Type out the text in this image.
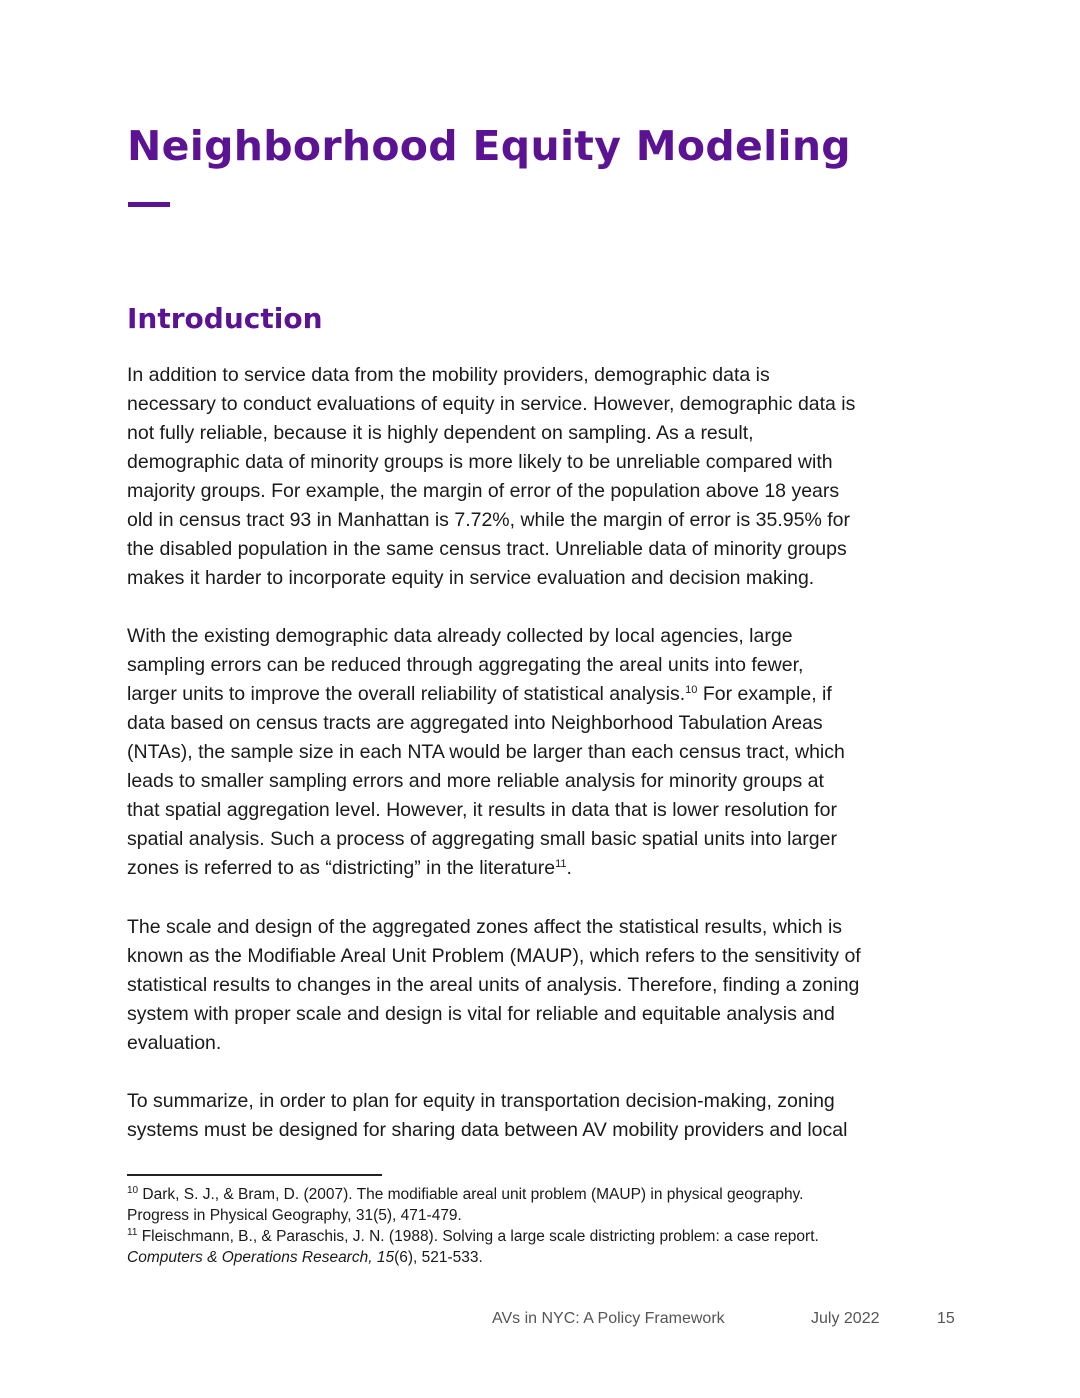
Neighborhood Equity Modeling
Introduction

In addition to service data from the mobility providers, demographic data is
necessary to conduct evaluations of equity in service. However, demographic data is
not fully reliable, because it is highly dependent on sampling. As a result,
demographic data of minority groups is more likely to be unreliable compared with
majority groups. For example, the margin of error of the population above 18 years
old in census tract 93 in Manhattan is 7.72%, while the margin of error is 35.95% for
the disabled population in the same census tract. Unreliable data of minority groups
makes it harder to incorporate equity in service evaluation and decision making.

With the existing demographic data already collected by local agencies, large
sampling errors can be reduced through aggregating the areal units into fewer,
larger units to improve the overall reliability of statistical analysis.$^{10}$ For example, if
data based on census tracts are aggregated into Neighborhood Tabulation Areas
(NTAs), the sample size in each NTA would be larger than each census tract, which
leads to smaller sampling errors and more reliable analysis for minority groups at
that spatial aggregation level. However, it results in data that is lower resolution for
spatial analysis. Such a process of aggregating small basic spatial units into larger
zones is referred to as “districting” in the literature$^{11}$.

The scale and design of the aggregated zones affect the statistical results, which is
known as the Modifiable Areal Unit Problem (MAUP), which refers to the sensitivity of
statistical results to changes in the areal units of analysis. Therefore, finding a zoning
system with proper scale and design is vital for reliable and equitable analysis and
evaluation.

To summarize, in order to plan for equity in transportation decision-making, zoning
systems must be designed for sharing data between AV mobility providers and local

$^{10}$ Dark, S. J., & Bram, D. (2007). The modifiable areal unit problem (MAUP) in physical geography.
Progress in Physical Geography, 31(5), 471-479.
$^{11}$ Fleischmann, B., & Paraschis, J. N. (1988). Solving a large scale districting problem: a case report.
Computers & Operations Research, 15(6), 521-533.
AVs in NYC: A Policy Framework	July 2022	15
